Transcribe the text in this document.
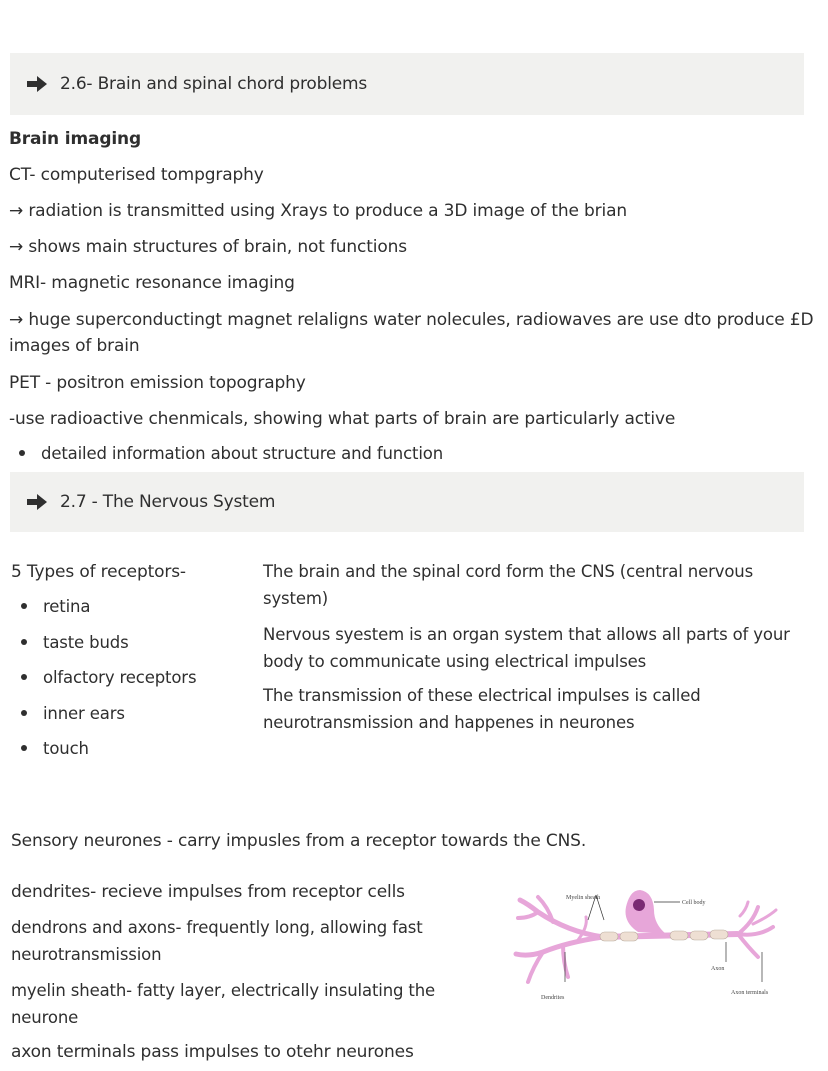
2.6- Brain and spinal chord problems
Brain imaging
CT- computerised tompgraphy
→ radiation is transmitted using Xrays to produce a 3D image of the brian
→ shows main structures of brain, not functions
MRI- magnetic resonance imaging
→ huge superconductingt magnet relaligns water nolecules, radiowaves are use dto produce £D
images of brain
PET - positron emission topography
-use radioactive chenmicals, showing what parts of brain are particularly active
detailed information about structure and function
2.7 - The Nervous System
5 Types of receptors-
retina
taste buds
olfactory receptors
inner ears
touch
The brain and the spinal cord form the CNS (central nervous
system)
Nervous syestem is an organ system that allows all parts of your
body to communicate using electrical impulses
The transmission of these electrical impulses is called
neurotransmission and happenes in neurones
Sensory neurones - carry impusles from a receptor towards the CNS.
dendrites- recieve impulses from receptor cells
dendrons and axons- frequently long, allowing fast
neurotransmission
myelin sheath- fatty layer, electrically insulating the
neurone
axon terminals pass impulses to otehr neurones
Myelin sheath
Cell body
Axon
Dendrites
Axon terminals
